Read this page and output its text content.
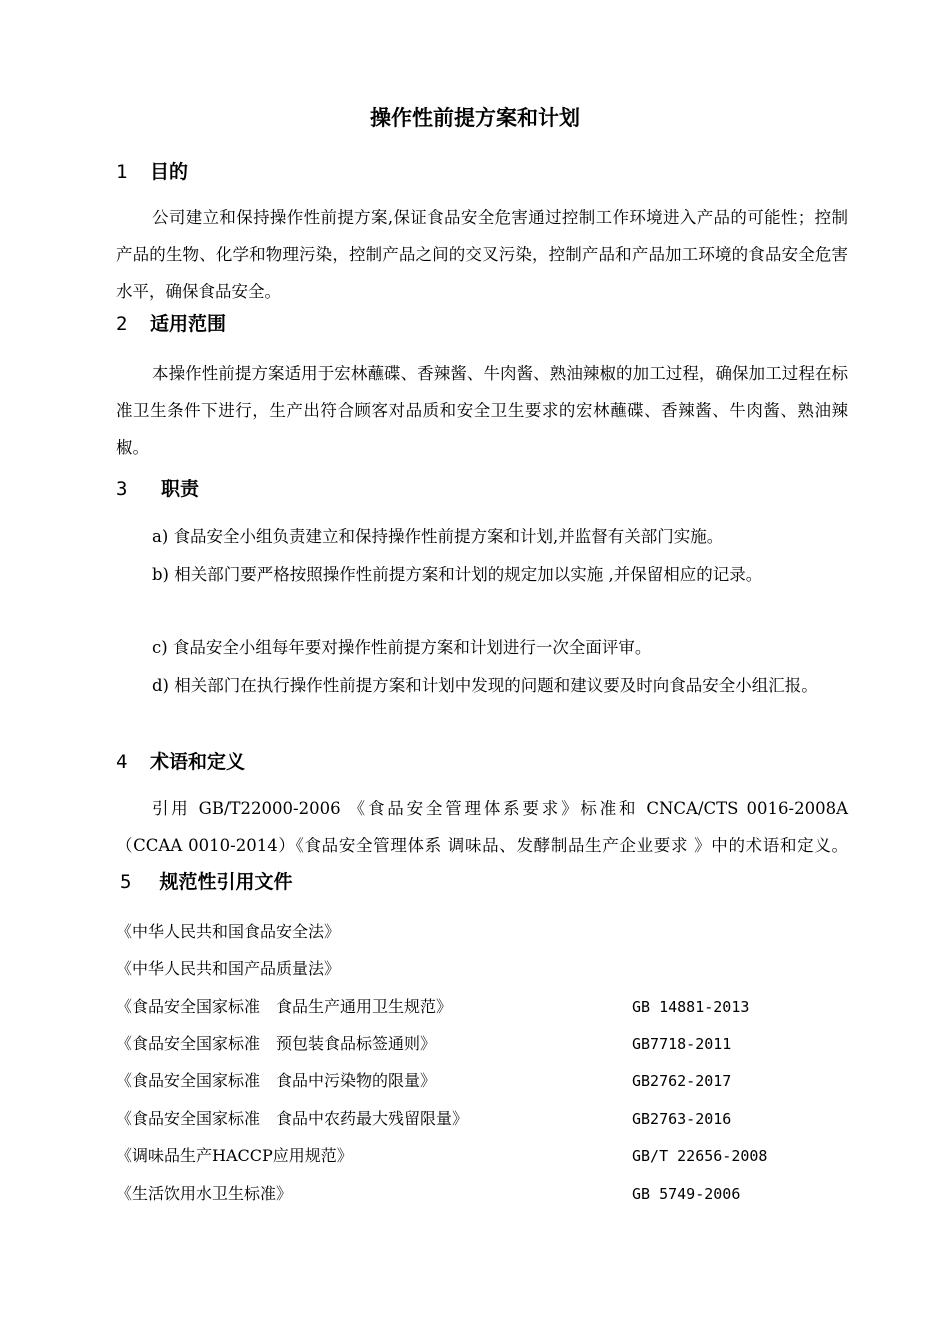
操作性前提方案和计划
1 目的

公司建立和保持操作性前提方案,保证食品安全危害通过控制工作环境进入产品的可能性；控制产品的生物、化学和物理污染，控制产品之间的交叉污染，控制产品和产品加工环境的食品安全危害水平，确保食品安全。

2 适用范围

本操作性前提方案适用于宏林蘸碟、香辣酱、牛肉酱、熟油辣椒的加工过程，确保加工过程在标准卫生条件下进行，生产出符合顾客对品质和安全卫生要求的宏林蘸碟、香辣酱、牛肉酱、熟油辣椒。

3 职责

a) 食品安全小组负责建立和保持操作性前提方案和计划,并监督有关部门实施。

b) 相关部门要严格按照操作性前提方案和计划的规定加以实施 ,并保留相应的记录。

c) 食品安全小组每年要对操作性前提方案和计划进行一次全面评审。

d) 相关部门在执行操作性前提方案和计划中发现的问题和建议要及时向食品安全小组汇报。

4 术语和定义

引用 GB/T22000-2006 《食品安全管理体系要求》标准和 CNCA/CTS 0016-2008A（CCAA 0010-2014）《食品安全管理体系 调味品、发酵制品生产企业要求 》中的术语和定义。5 规范性引用文件

《中华人民共和国食品安全法》

《中华人民共和国产品质量法》

《食品安全国家标准　食品生产通用卫生规范》	GB 14881-2013

《食品安全国家标准　预包装食品标签通则》	GB7718-2011

《食品安全国家标准　食品中污染物的限量》	GB2762-2017

《食品安全国家标准　食品中农药最大残留限量》	GB2763-2016

《调味品生产HACCP应用规范》	GB/T 22656-2008

《生活饮用水卫生标准》	GB 5749-2006
